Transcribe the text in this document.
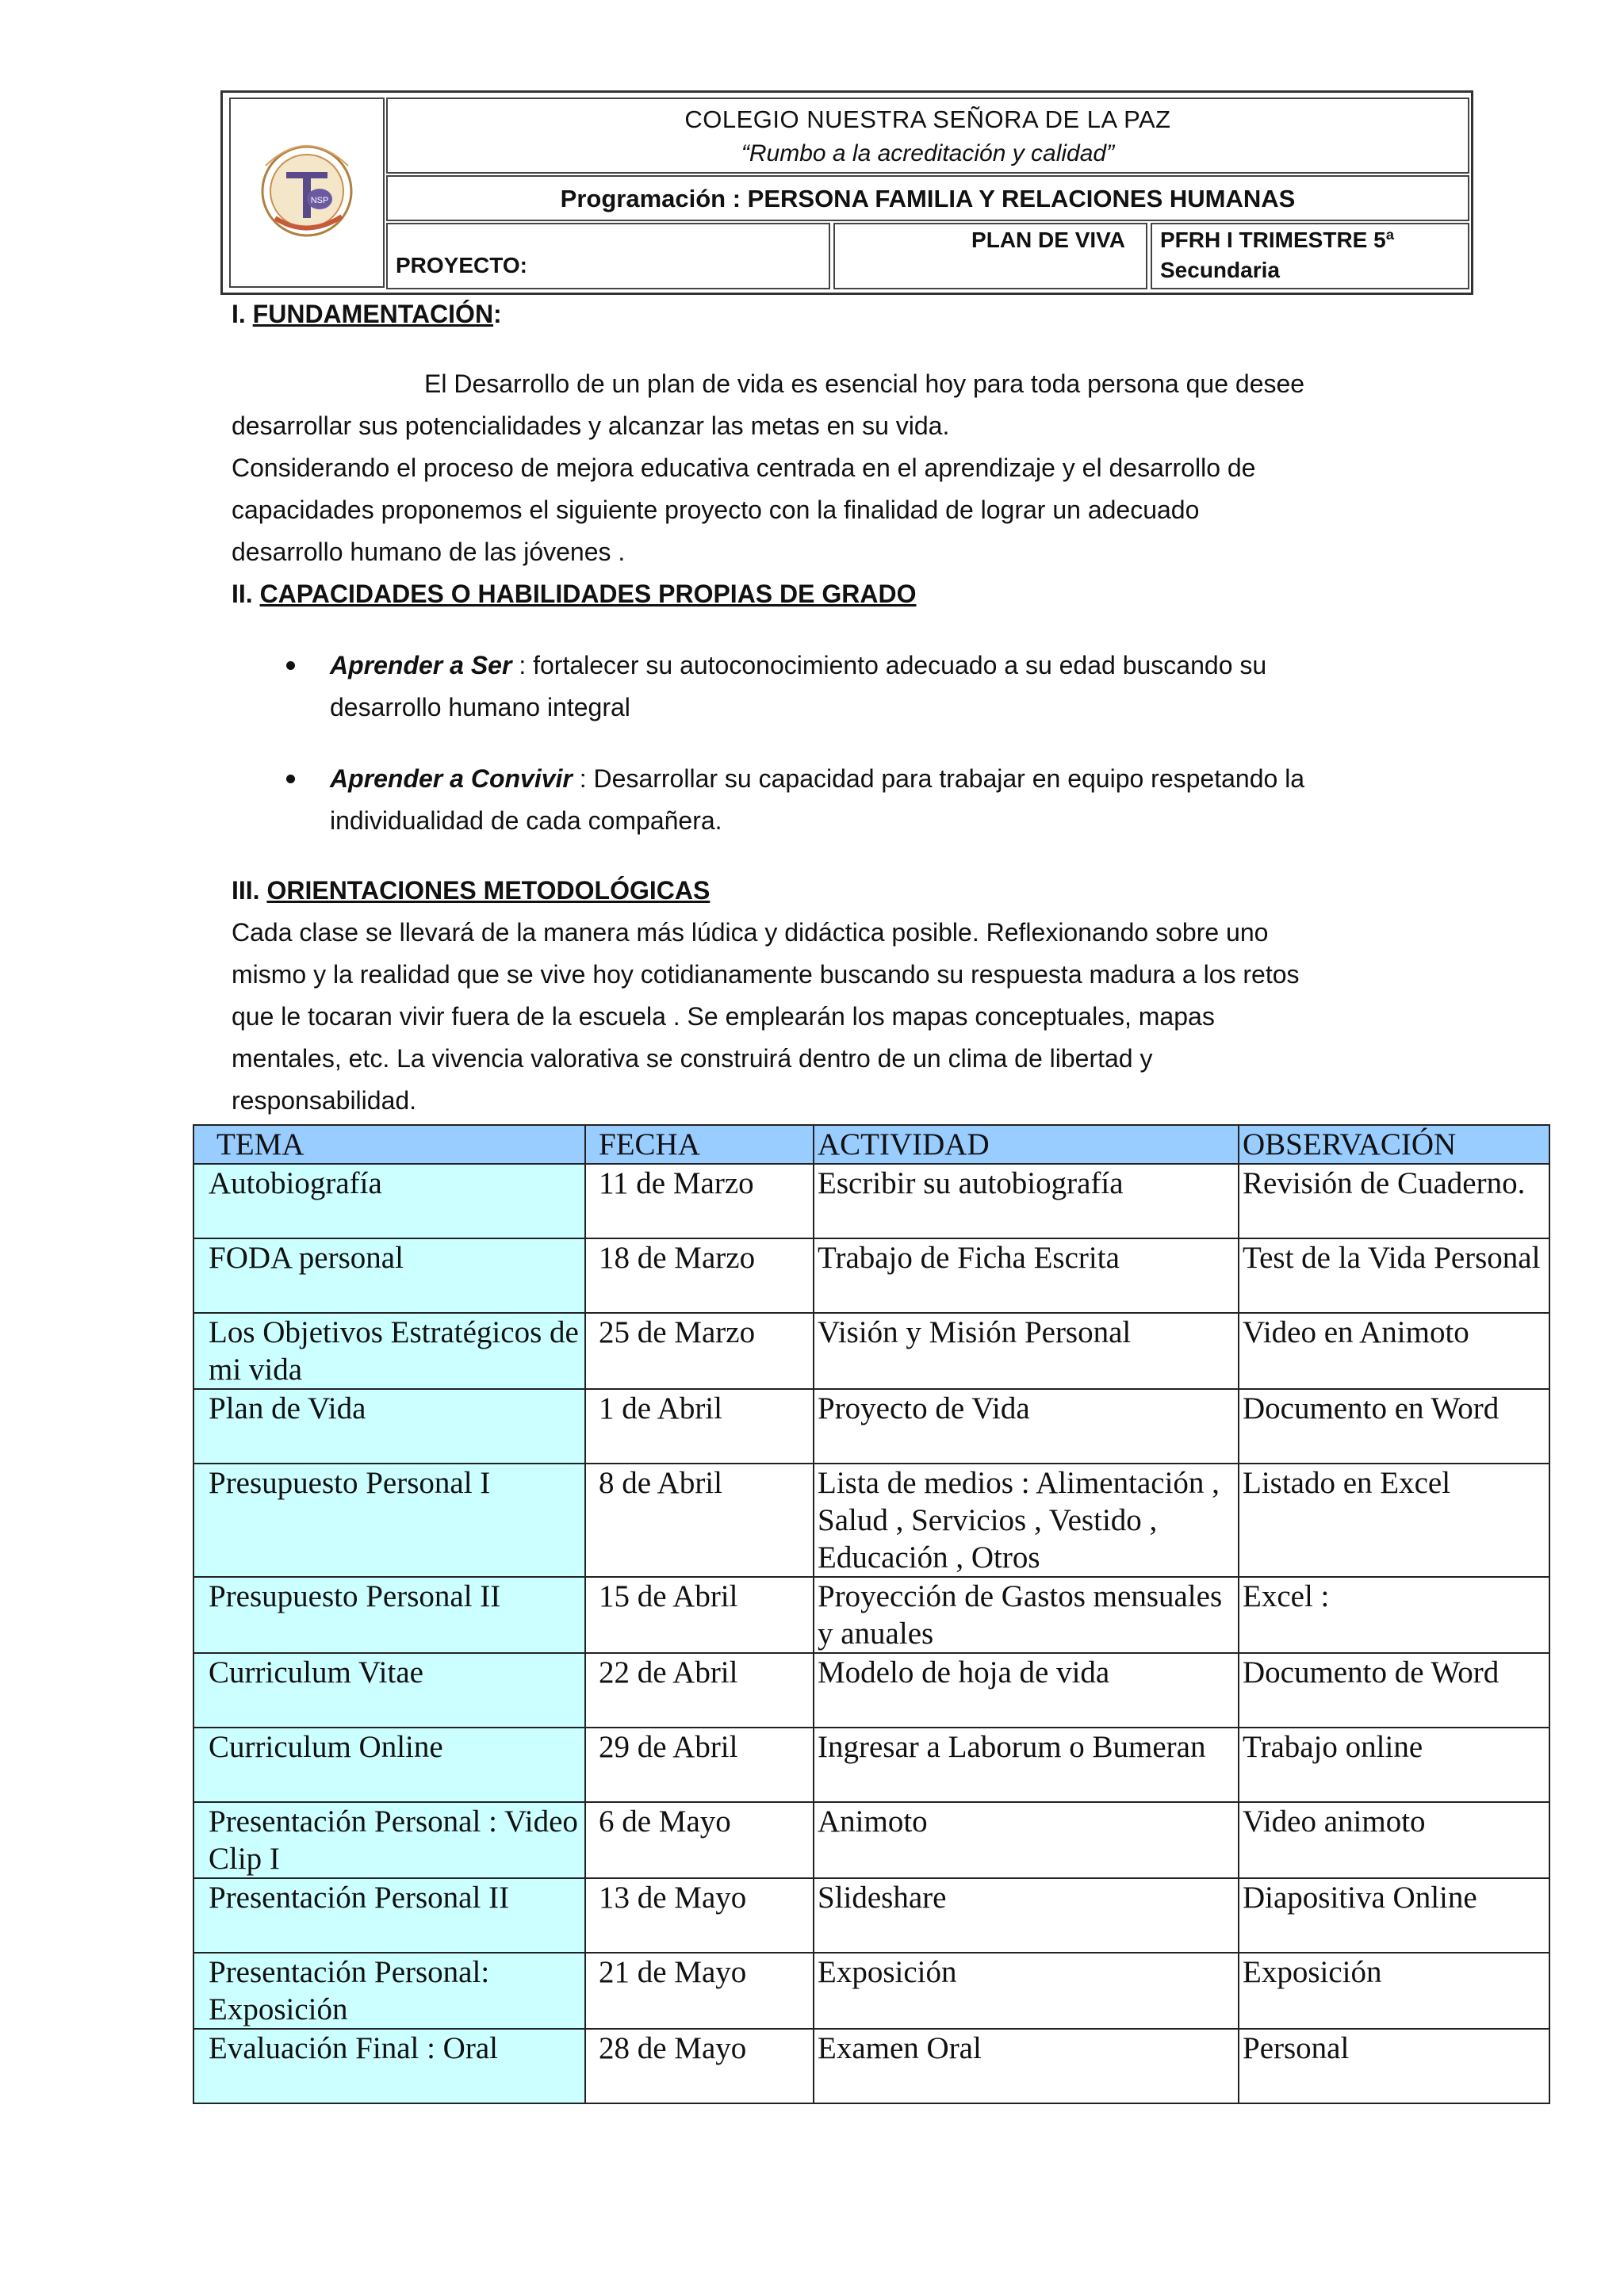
NSP
COLEGIO NUESTRA SEÑORA DE LA PAZ
“Rumbo a la acreditación y calidad”
Programación : PERSONA FAMILIA Y RELACIONES HUMANAS
PROYECTO:
PLAN DE VIVA PFRH I TRIMESTRE 5ª
Secundaria
I. FUNDAMENTACIÓN:
El Desarrollo de un plan de vida es esencial hoy para toda persona que desee
desarrollar sus potencialidades y alcanzar las metas en su vida.
Considerando el proceso de mejora educativa centrada en el aprendizaje y el desarrollo de
capacidades proponemos el siguiente proyecto con la finalidad de lograr un adecuado
desarrollo humano de las jóvenes .
II. CAPACIDADES O HABILIDADES PROPIAS DE GRADO
Aprender a Ser : fortalecer su autoconocimiento adecuado a su edad buscando su
desarrollo humano integral
Aprender a Convivir : Desarrollar su capacidad para trabajar en equipo respetando la
individualidad de cada compañera.
III. ORIENTACIONES METODOLÓGICAS
Cada clase se llevará de la manera más lúdica y didáctica posible. Reflexionando sobre uno
mismo y la realidad que se vive hoy cotidianamente buscando su respuesta madura a los retos
que le tocaran vivir fuera de la escuela . Se emplearán los mapas conceptuales, mapas
mentales, etc. La vivencia valorativa se construirá dentro de un clima de libertad y
responsabilidad.
TEMA	FECHA	ACTIVIDAD	OBSERVACIÓN
Autobiografía	11 de Marzo	Escribir su autobiografía	Revisión de Cuaderno.
FODA personal	18 de Marzo	Trabajo de Ficha Escrita	Test de la Vida Personal
Los Objetivos Estratégicos de mi vida	25 de Marzo	Visión y Misión Personal	Video en Animoto
Plan de Vida	1 de Abril	Proyecto de Vida	Documento en Word
Presupuesto Personal I	8 de Abril	Lista de medios : Alimentación , Salud , Servicios , Vestido , Educación , Otros	Listado en Excel
Presupuesto Personal II	15 de Abril	Proyección de Gastos mensuales y anuales	Excel :
Curriculum Vitae	22 de Abril	Modelo de hoja de vida	Documento de Word
Curriculum Online	29 de Abril	Ingresar a Laborum o Bumeran	Trabajo online
Presentación Personal : Video Clip I	6 de Mayo	Animoto	Video animoto
Presentación Personal II	13 de Mayo	Slideshare	Diapositiva Online
Presentación Personal: Exposición	21 de Mayo	Exposición	Exposición
Evaluación Final : Oral	28 de Mayo	Examen Oral	Personal
